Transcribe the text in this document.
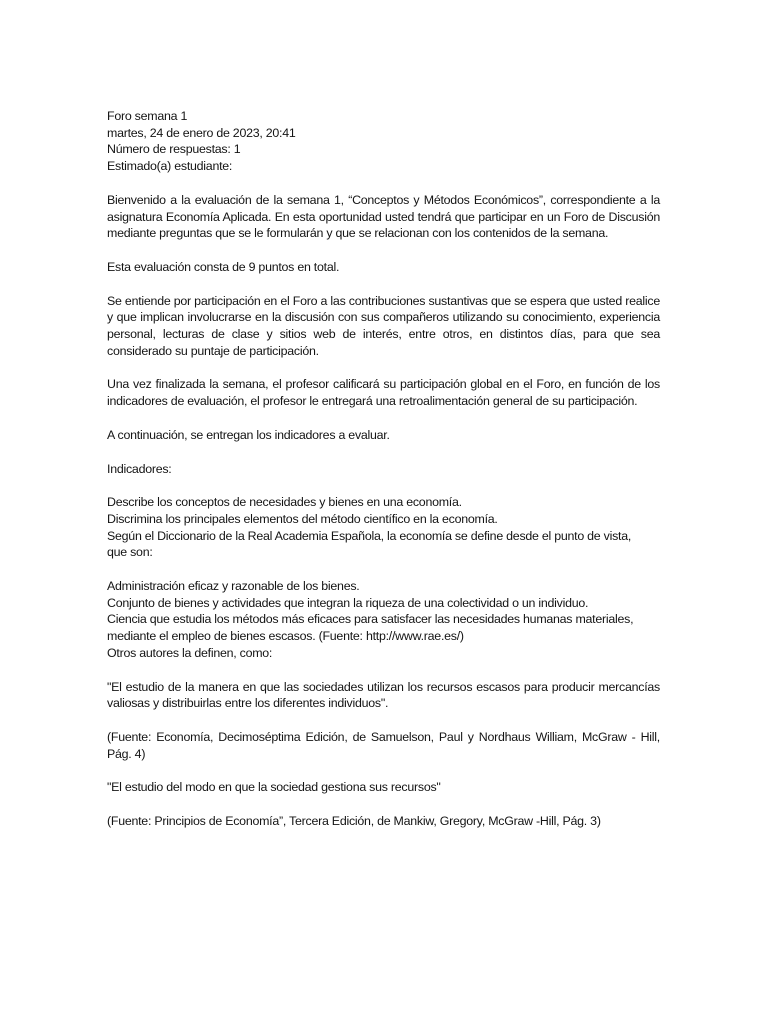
Foro semana 1
martes, 24 de enero de 2023, 20:41
Número de respuestas: 1
Estimado(a) estudiante:

Bienvenido a la evaluación de la semana 1, “Conceptos y Métodos Económicos”, correspondiente a la asignatura Economía Aplicada. En esta oportunidad usted tendrá que participar en un Foro de Discusión mediante preguntas que se le formularán y que se relacionan con los contenidos de la semana.

Esta evaluación consta de 9 puntos en total.

Se entiende por participación en el Foro a las contribuciones sustantivas que se espera que usted realice y que implican involucrarse en la discusión con sus compañeros utilizando su conocimiento, experiencia personal, lecturas de clase y sitios web de interés, entre otros, en distintos días, para que sea considerado su puntaje de participación.

Una vez finalizada la semana, el profesor calificará su participación global en el Foro, en función de los indicadores de evaluación, el profesor le entregará una retroalimentación general de su participación.

A continuación, se entregan los indicadores a evaluar.

Indicadores:

Describe los conceptos de necesidades y bienes en una economía.
Discrimina los principales elementos del método científico en la economía.
Según el Diccionario de la Real Academia Española, la economía se define desde el punto de vista,
que son:
Administración eficaz y razonable de los bienes.
Conjunto de bienes y actividades que integran la riqueza de una colectividad o un individuo.
Ciencia que estudia los métodos más eficaces para satisfacer las necesidades humanas materiales,
mediante el empleo de bienes escasos. (Fuente: http://www.rae.es/)
Otros autores la definen, como:

"El estudio de la manera en que las sociedades utilizan los recursos escasos para producir mercancías valiosas y distribuirlas entre los diferentes individuos".

(Fuente: Economía, Decimoséptima Edición, de Samuelson, Paul y Nordhaus William, McGraw - Hill, Pág. 4)

"El estudio del modo en que la sociedad gestiona sus recursos"

(Fuente: Principios de Economía”, Tercera Edición, de Mankiw, Gregory, McGraw -Hill, Pág. 3)
